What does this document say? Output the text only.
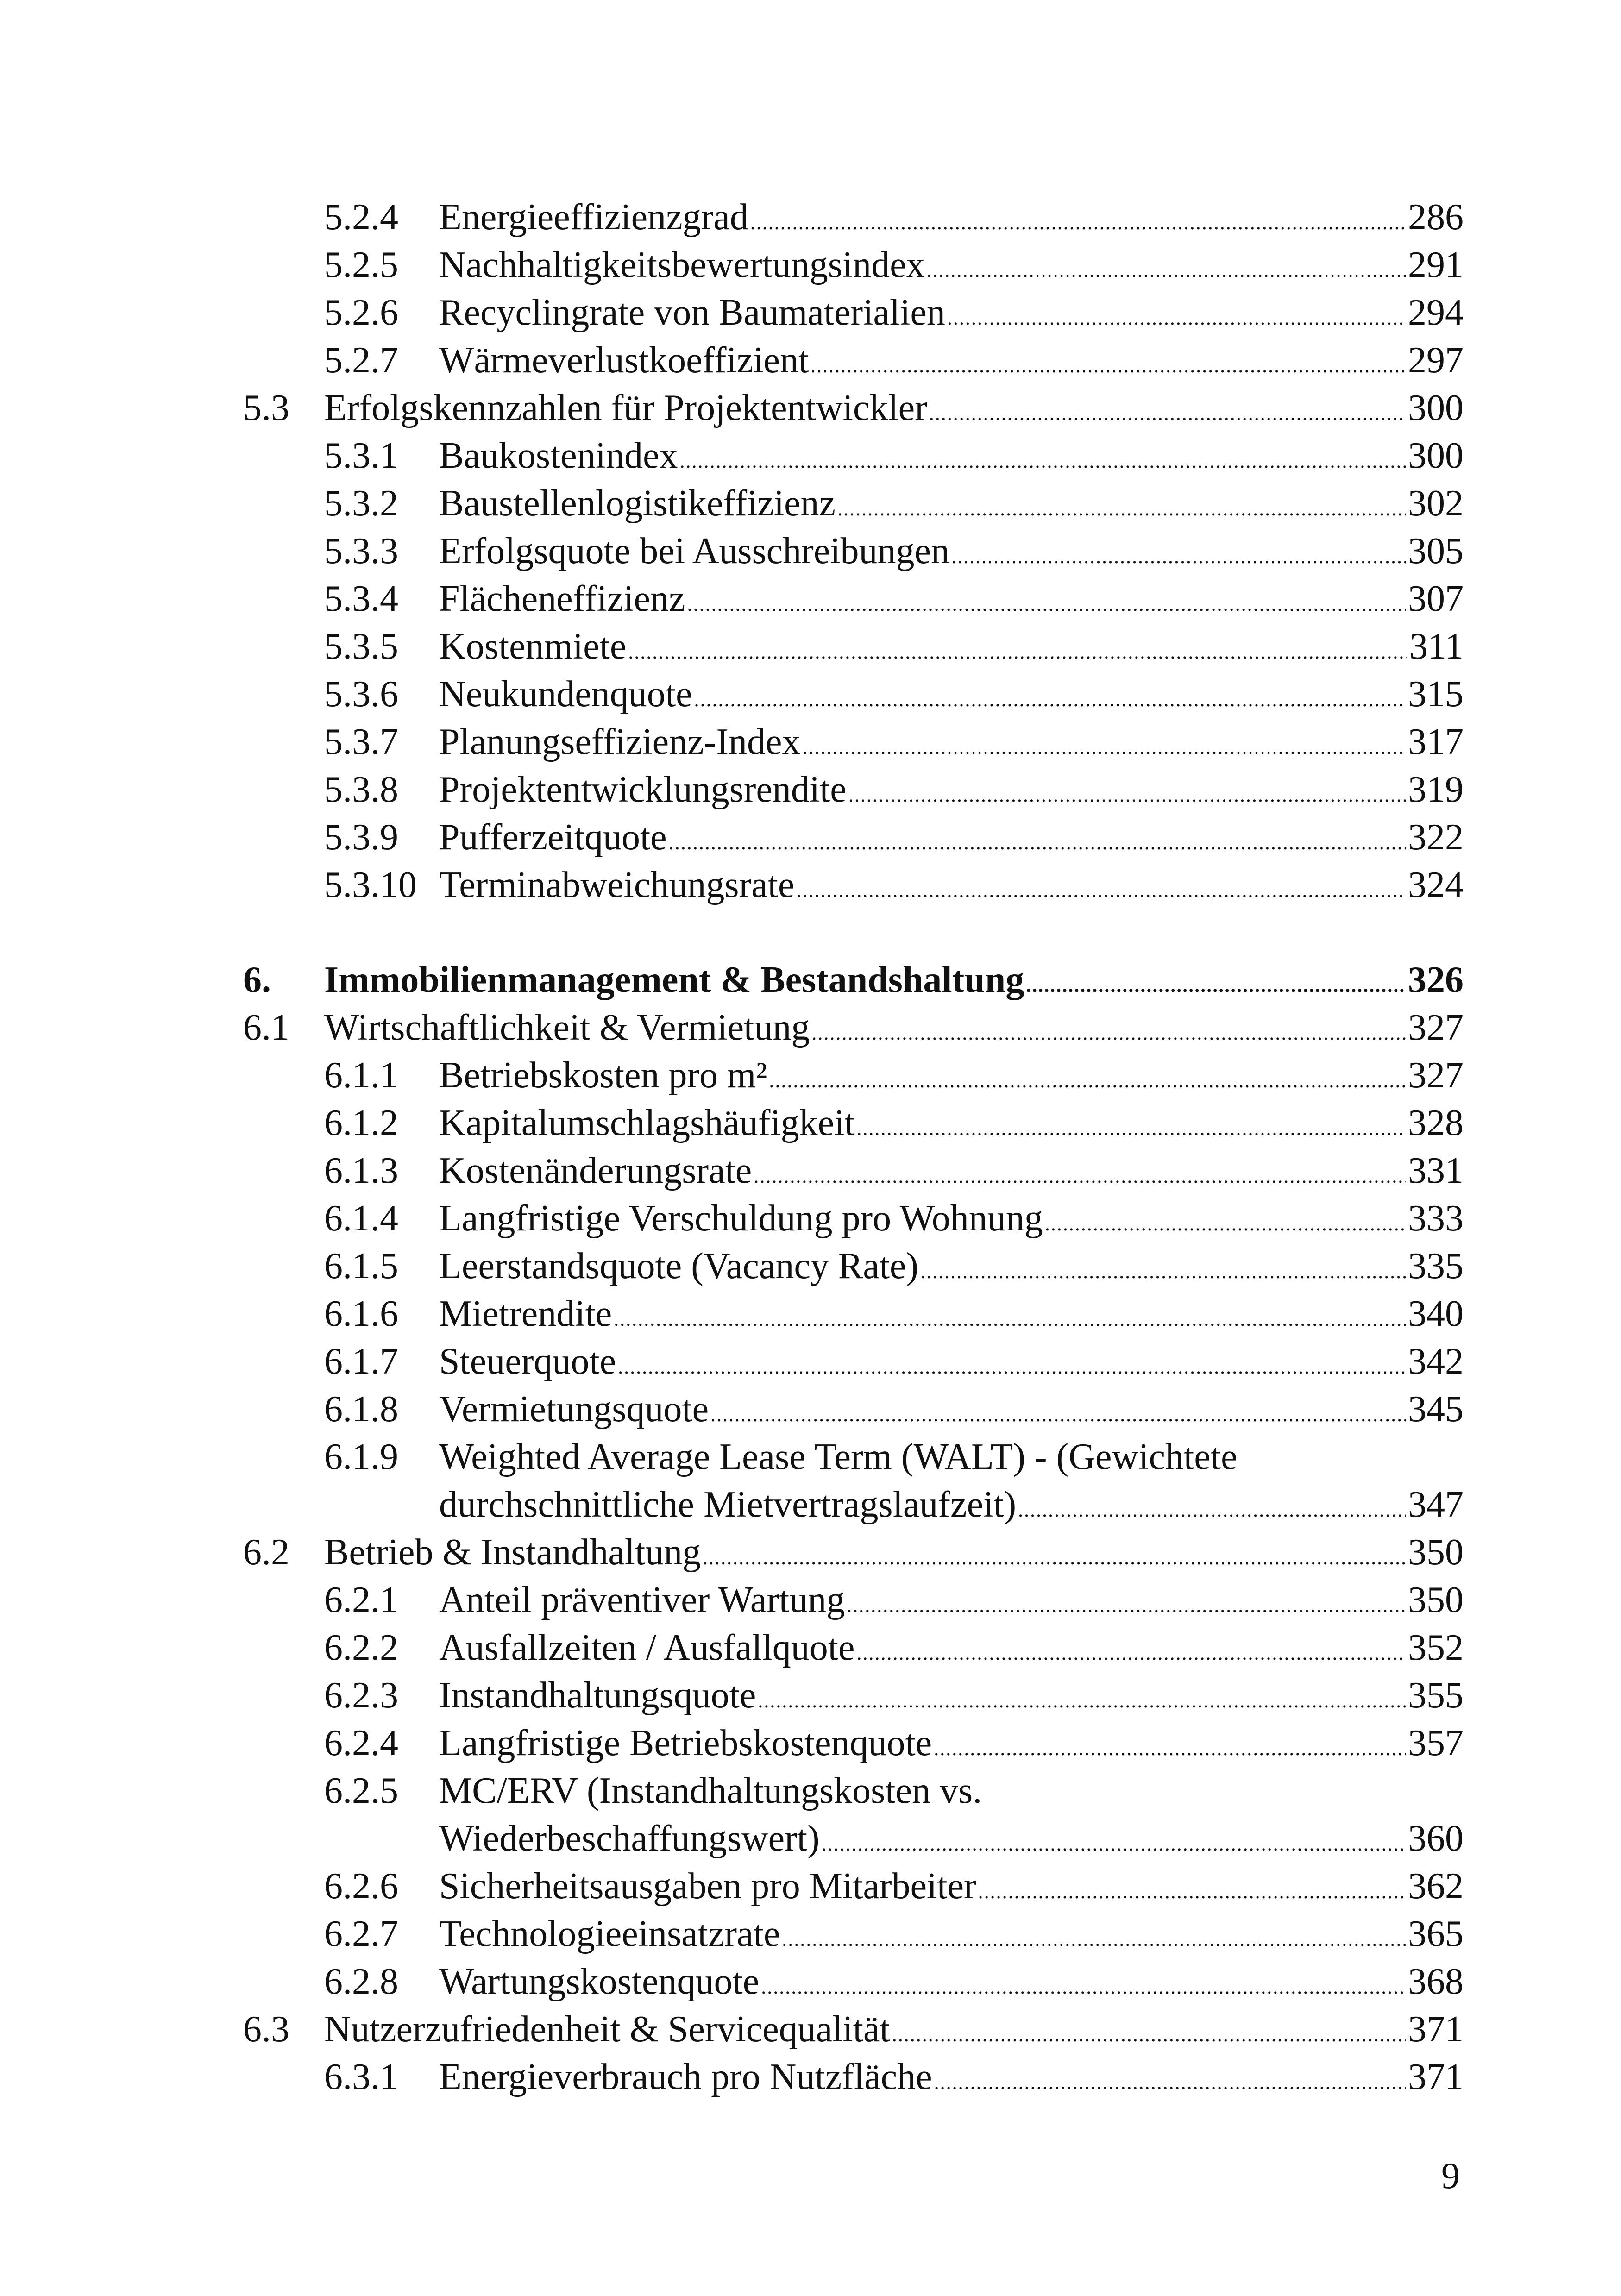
5.2.4 Energieeffizienzgrad .....	286
5.2.5 Nachhaltigkeitsbewertungsindex .....	291
5.2.6 Recyclingrate von Baumaterialien .....	294
5.2.7 Wärmeverlustkoeffizient .....	297
5.3 Erfolgskennzahlen für Projektentwickler .....	300
5.3.1 Baukostenindex .....	300
5.3.2 Baustellenlogistikeffizienz .....	302
5.3.3 Erfolgsquote bei Ausschreibungen .....	305
5.3.4 Flächeneffizienz .....	307
5.3.5 Kostenmiete .....	311
5.3.6 Neukundenquote .....	315
5.3.7 Planungseffizienz-Index .....	317
5.3.8 Projektentwicklungsrendite .....	319
5.3.9 Pufferzeitquote .....	322
5.3.10 Terminabweichungsrate .....	324
6. Immobilienmanagement & Bestandshaltung .....	326
6.1 Wirtschaftlichkeit & Vermietung .....	327
6.1.1 Betriebskosten pro m² .....	327
6.1.2 Kapitalumschlagshäufigkeit .....	328
6.1.3 Kostenänderungsrate .....	331
6.1.4 Langfristige Verschuldung pro Wohnung .....	333
6.1.5 Leerstandsquote (Vacancy Rate) .....	335
6.1.6 Mietrendite .....	340
6.1.7 Steuerquote .....	342
6.1.8 Vermietungsquote .....	345
6.1.9 Weighted Average Lease Term (WALT) - (Gewichtete
durchschnittliche Mietvertragslaufzeit) .....	347
6.2 Betrieb & Instandhaltung .....	350
6.2.1 Anteil präventiver Wartung .....	350
6.2.2 Ausfallzeiten / Ausfallquote .....	352
6.2.3 Instandhaltungsquote .....	355
6.2.4 Langfristige Betriebskostenquote .....	357
6.2.5 MC/ERV (Instandhaltungskosten vs.
Wiederbeschaffungswert) .....	360
6.2.6 Sicherheitsausgaben pro Mitarbeiter .....	362
6.2.7 Technologieeinsatzrate .....	365
6.2.8 Wartungskostenquote .....	368
6.3 Nutzerzufriedenheit & Servicequalität .....	371
6.3.1 Energieverbrauch pro Nutzfläche .....	371
9
